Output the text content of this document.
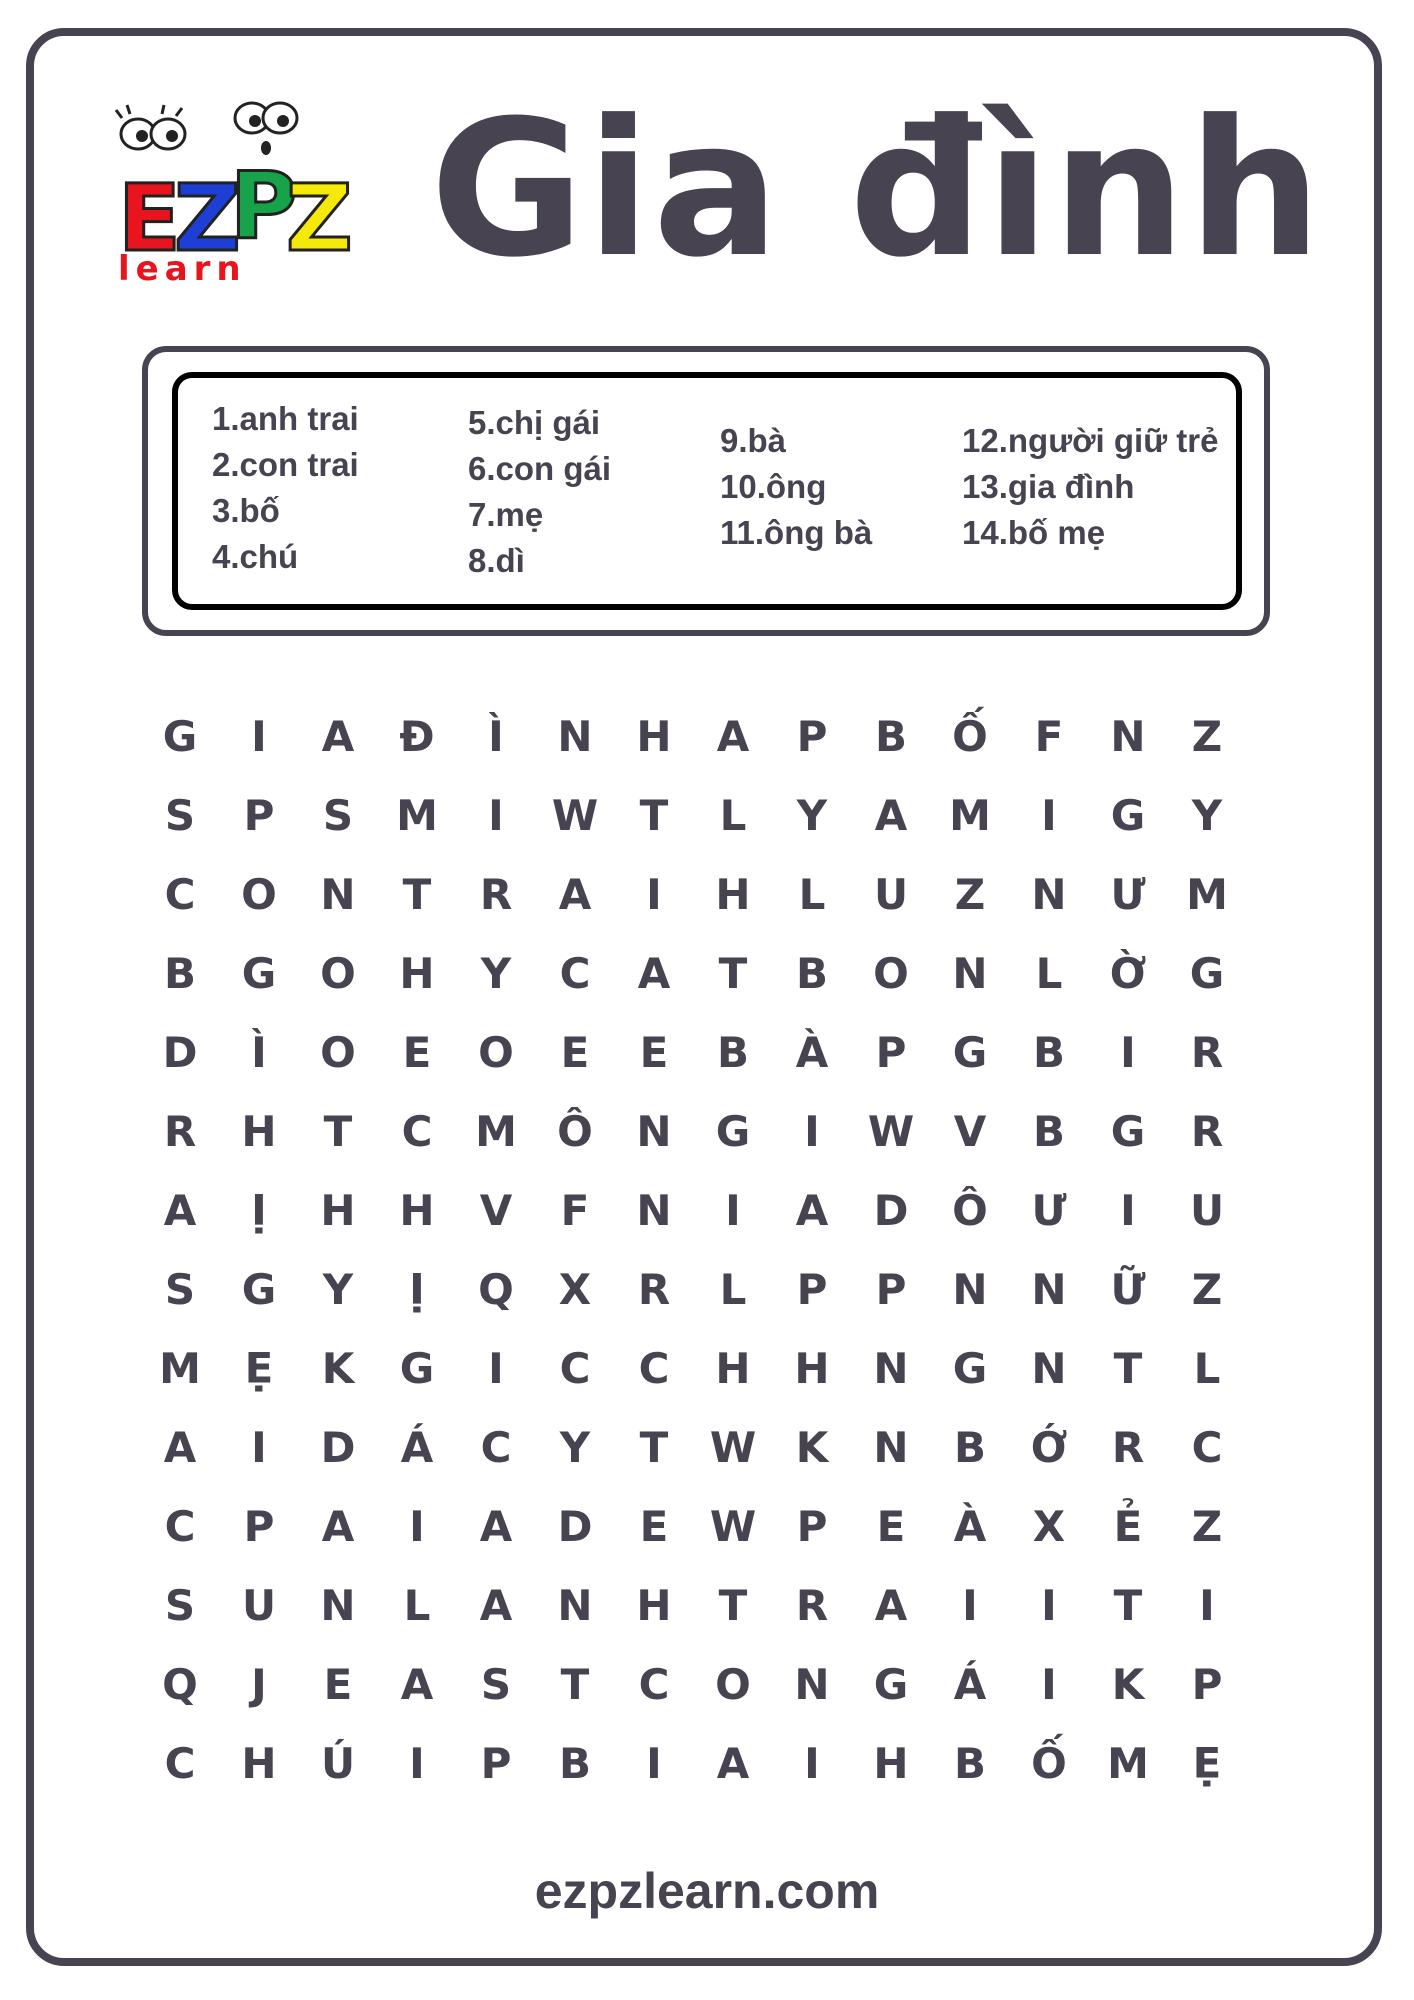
E
Z
P
Z
learn Gia đình
1.anh trai
2.con trai
3.bố
4.chú
5.chị gái
6.con gái
7.mẹ
8.dì
9.bà
10.ông
11.ông bà
12.người giữ trẻ
13.gia đình
14.bố mẹ
G	I	A	Đ	Ì	N H	A	P	B	Ố	F	N	Z
S	P	S	M	I	W T	L	Y	A M	I	G	Y
C	O N	T	R	A	I	H	L	U	Z	N Ư M
B	G	O H	Y	C	A	T	B	O N	L	Ờ	G
D	Ì	O	E	O	E	E	B	À	P	G	B	I	R
R	H	T	C	M Ô N	G	I	W V	B	G	R
A	Ị	H H	V	F	N	I	A	D Ô Ư	I	U
S	G	Y	Ị	Q	X	R	L	P	P	N N Ữ	Z
M	Ẹ	K	G	I	C	C	H H N	G	N	T	L
A	I	D	Á	C	Y	T W K	N	B	Ớ	R	C
C	P	A	I	A	D	E W P	E	À	X	Ẻ	Z
S	U	N	L	A	N H	T	R	A	I	I	T	I
Q	J	E	A	S	T	C	O N	G	Á	I	K	P
C	H	Ú	I	P	B	I	A	I	H	B	Ố M	Ẹ
ezpzlearn.com
